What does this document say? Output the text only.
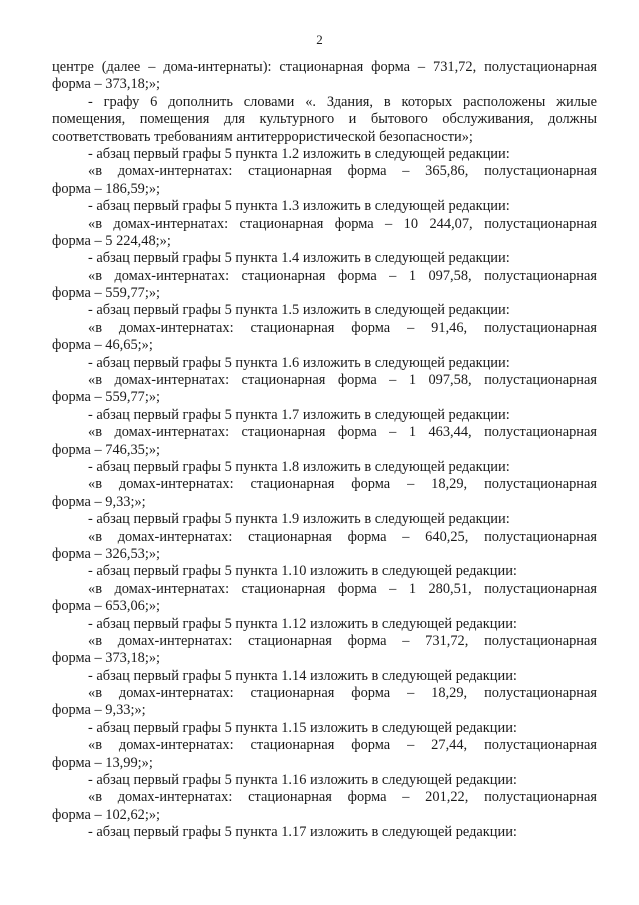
2
центре (далее – дома-интернаты): стационарная форма – 731,72, полустационарная
форма – 373,18;»;
- графу 6 дополнить словами «. Здания, в которых расположены жилые
помещения, помещения для культурного и бытового обслуживания, должны
соответствовать требованиям антитеррористической безопасности»;
- абзац первый графы 5 пункта 1.2 изложить в следующей редакции:
«в домах-интернатах: стационарная форма – 365,86, полустационарная
форма – 186,59;»;
- абзац первый графы 5 пункта 1.3 изложить в следующей редакции:
«в домах-интернатах: стационарная форма – 10 244,07, полустационарная
форма – 5 224,48;»;
- абзац первый графы 5 пункта 1.4 изложить в следующей редакции:
«в домах-интернатах: стационарная форма – 1 097,58, полустационарная
форма – 559,77;»;
- абзац первый графы 5 пункта 1.5 изложить в следующей редакции:
«в домах-интернатах: стационарная форма – 91,46, полустационарная
форма – 46,65;»;
- абзац первый графы 5 пункта 1.6 изложить в следующей редакции:
«в домах-интернатах: стационарная форма – 1 097,58, полустационарная
форма – 559,77;»;
- абзац первый графы 5 пункта 1.7 изложить в следующей редакции:
«в домах-интернатах: стационарная форма – 1 463,44, полустационарная
форма – 746,35;»;
- абзац первый графы 5 пункта 1.8 изложить в следующей редакции:
«в домах-интернатах: стационарная форма – 18,29, полустационарная
форма – 9,33;»;
- абзац первый графы 5 пункта 1.9 изложить в следующей редакции:
«в домах-интернатах: стационарная форма – 640,25, полустационарная
форма – 326,53;»;
- абзац первый графы 5 пункта 1.10 изложить в следующей редакции:
«в домах-интернатах: стационарная форма – 1 280,51, полустационарная
форма – 653,06;»;
- абзац первый графы 5 пункта 1.12 изложить в следующей редакции:
«в домах-интернатах: стационарная форма – 731,72, полустационарная
форма – 373,18;»;
- абзац первый графы 5 пункта 1.14 изложить в следующей редакции:
«в домах-интернатах: стационарная форма – 18,29, полустационарная
форма – 9,33;»;
- абзац первый графы 5 пункта 1.15 изложить в следующей редакции:
«в домах-интернатах: стационарная форма – 27,44, полустационарная
форма – 13,99;»;
- абзац первый графы 5 пункта 1.16 изложить в следующей редакции:
«в домах-интернатах: стационарная форма – 201,22, полустационарная
форма – 102,62;»;
- абзац первый графы 5 пункта 1.17 изложить в следующей редакции:
